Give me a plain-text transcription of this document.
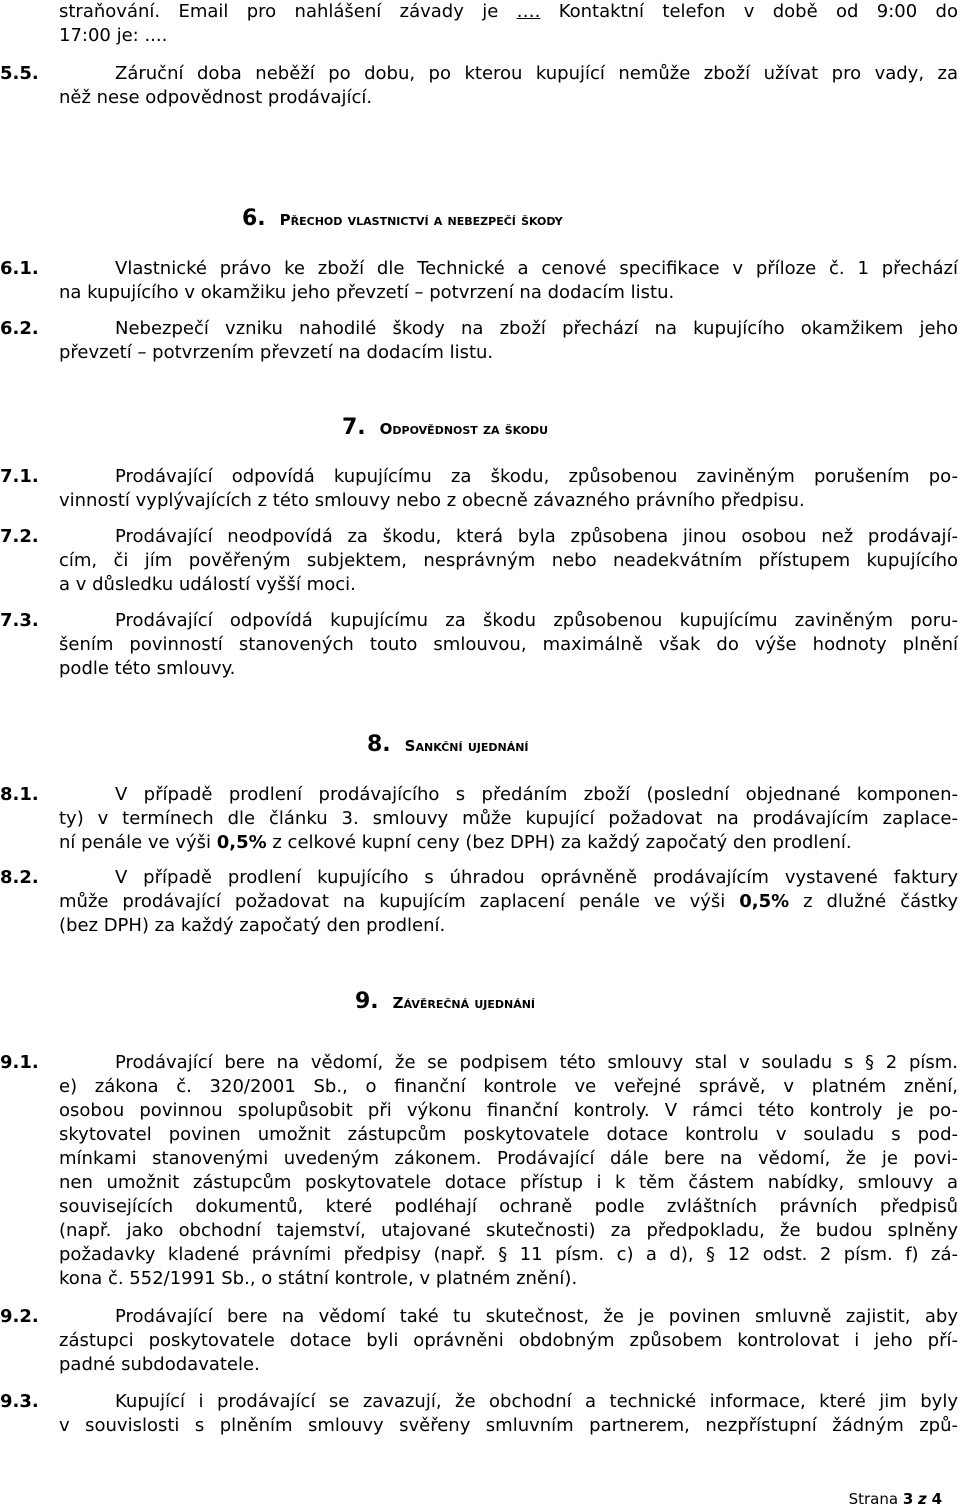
straňování. Email pro nahlášení závady je …. Kontaktní telefon v době od 9:00 do
17:00 je: ....
5.5.	Záruční doba neběží po dobu, po kterou kupující nemůže zboží užívat pro vady, za
něž nese odpovědnost prodávající.
6. Přechod vlastnictví a nebezpečí škody
6.1.	Vlastnické právo ke zboží dle Technické a cenové specifikace v příloze č. 1 přechází
na kupujícího v okamžiku jeho převzetí – potvrzení na dodacím listu.
6.2.	Nebezpečí vzniku nahodilé škody na zboží přechází na kupujícího okamžikem jeho
převzetí – potvrzením převzetí na dodacím listu.
7. Odpovědnost za škodu
7.1.	Prodávající odpovídá kupujícímu za škodu, způsobenou zaviněným porušením po-
vinností vyplývajících z této smlouvy nebo z obecně závazného právního předpisu.
7.2.	Prodávající neodpovídá za škodu, která byla způsobena jinou osobou než prodávají-
cím, či jím pověřeným subjektem, nesprávným nebo neadekvátním přístupem kupujícího
a v důsledku událostí vyšší moci.
7.3.	Prodávající odpovídá kupujícímu za škodu způsobenou kupujícímu zaviněným poru-
šením povinností stanovených touto smlouvou, maximálně však do výše hodnoty plnění
podle této smlouvy.
8. Sankční ujednání
8.1.	V případě prodlení prodávajícího s předáním zboží (poslední objednané komponen-
ty) v termínech dle článku 3. smlouvy může kupující požadovat na prodávajícím zaplace-
ní penále ve výši 0,5% z celkové kupní ceny (bez DPH) za každý započatý den prodlení.
8.2.	V případě prodlení kupujícího s úhradou oprávněně prodávajícím vystavené faktury
může prodávající požadovat na kupujícím zaplacení penále ve výši 0,5% z dlužné částky
(bez DPH) za každý započatý den prodlení.
9. Závěrečná ujednání
9.1.	Prodávající bere na vědomí, že se podpisem této smlouvy stal v souladu s § 2 písm.
e) zákona č. 320/2001 Sb., o finanční kontrole ve veřejné správě, v platném znění,
osobou povinnou spolupůsobit při výkonu finanční kontroly. V rámci této kontroly je po-
skytovatel povinen umožnit zástupcům poskytovatele dotace kontrolu v souladu s pod-
mínkami stanovenými uvedeným zákonem. Prodávající dále bere na vědomí, že je povi-
nen umožnit zástupcům poskytovatele dotace přístup i k těm částem nabídky, smlouvy a
souvisejících dokumentů, které podléhají ochraně podle zvláštních právních předpisů
(např. jako obchodní tajemství, utajované skutečnosti) za předpokladu, že budou splněny
požadavky kladené právními předpisy (např. § 11 písm. c) a d), § 12 odst. 2 písm. f) zá-
kona č. 552/1991 Sb., o státní kontrole, v platném znění).
9.2.	Prodávající bere na vědomí také tu skutečnost, že je povinen smluvně zajistit, aby
zástupci poskytovatele dotace byli oprávněni obdobným způsobem kontrolovat i jeho pří-
padné subdodavatele.
9.3.	Kupující i prodávající se zavazují, že obchodní a technické informace, které jim byly
v souvislosti s plněním smlouvy svěřeny smluvním partnerem, nezpřístupní žádným způ-
Strana 3 z 4
